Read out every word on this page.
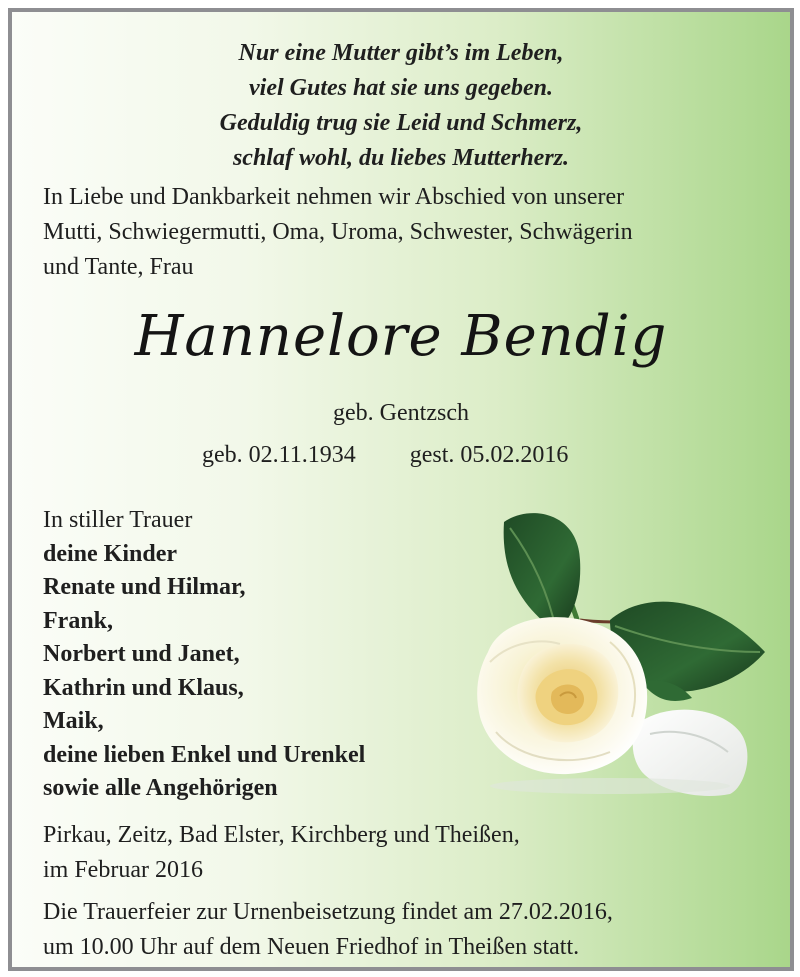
Nur eine Mutter gibt’s im Leben,
viel Gutes hat sie uns gegeben.
Geduldig trug sie Leid und Schmerz,
schlaf wohl, du liebes Mutterherz.
In Liebe und Dankbarkeit nehmen wir Abschied von unserer
Mutti, Schwiegermutti, Oma, Uroma, Schwester, Schwägerin
und Tante, Frau
Hannelore Bendig
geb. Gentzsch
geb. 02.11.1934 gest. 05.02.2016
In stiller Trauer
deine Kinder
Renate und Hilmar,
Frank,
Norbert und Janet,
Kathrin und Klaus,
Maik,
deine lieben Enkel und Urenkel
sowie alle Angehörigen
Pirkau, Zeitz, Bad Elster, Kirchberg und Theißen,
im Februar 2016
Die Trauerfeier zur Urnenbeisetzung findet am 27.02.2016,
um 10.00 Uhr auf dem Neuen Friedhof in Theißen statt.
